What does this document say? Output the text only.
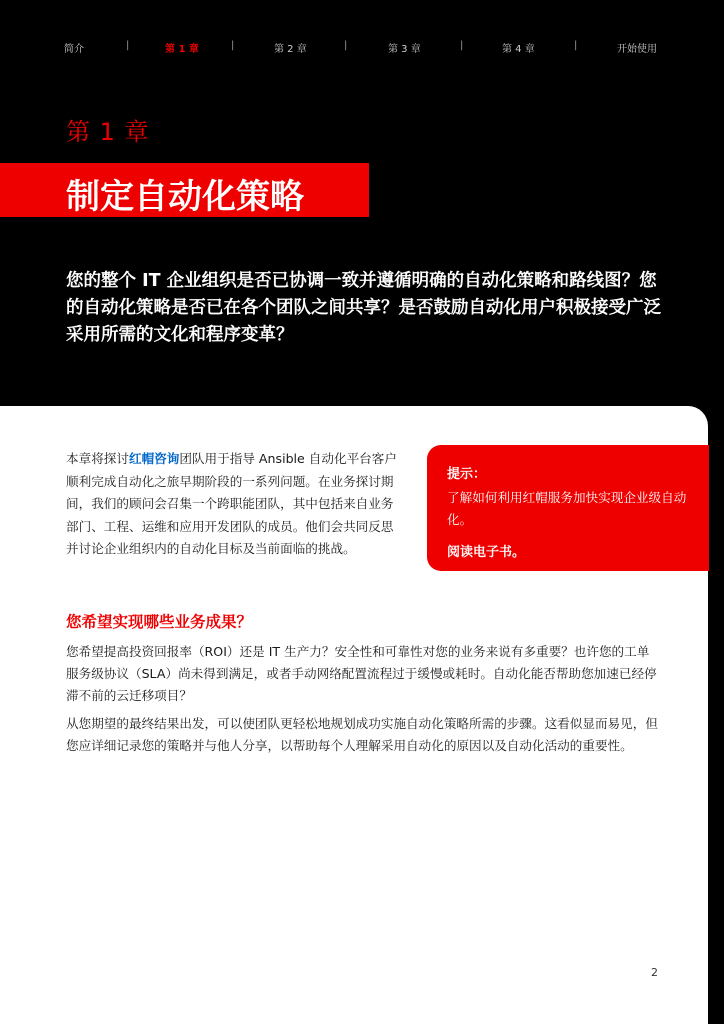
简介	|	第 1 章	|	第 2 章	|	第 3 章	|	第 4 章	|	开始使用
第 1 章
制定自动化策略
您的整个 IT 企业组织是否已协调一致并遵循明确的自动化策略和路线图？您的自动化策略是否已在各个团队之间共享？是否鼓励自动化用户积极接受广泛采用所需的文化和程序变革？
本章将探讨红帽咨询团队用于指导 Ansible 自动化平台客户顺利完成自动化之旅早期阶段的一系列问题。在业务探讨期间，我们的顾问会召集一个跨职能团队，其中包括来自业务部门、工程、运维和应用开发团队的成员。他们会共同反思并讨论企业组织内的自动化目标及当前面临的挑战。
提示：
了解如何利用红帽服务加快实现企业级自动化。
阅读电子书。
您希望实现哪些业务成果？
您希望提高投资回报率（ROI）还是 IT 生产力？安全性和可靠性对您的业务来说有多重要？也许您的工单服务级协议（SLA）尚未得到满足，或者手动网络配置流程过于缓慢或耗时。自动化能否帮助您加速已经停滞不前的云迁移项目？
从您期望的最终结果出发，可以使团队更轻松地规划成功实施自动化策略所需的步骤。这看似显而易见，但您应详细记录您的策略并与他人分享，以帮助每个人理解采用自动化的原因以及自动化活动的重要性。
2
